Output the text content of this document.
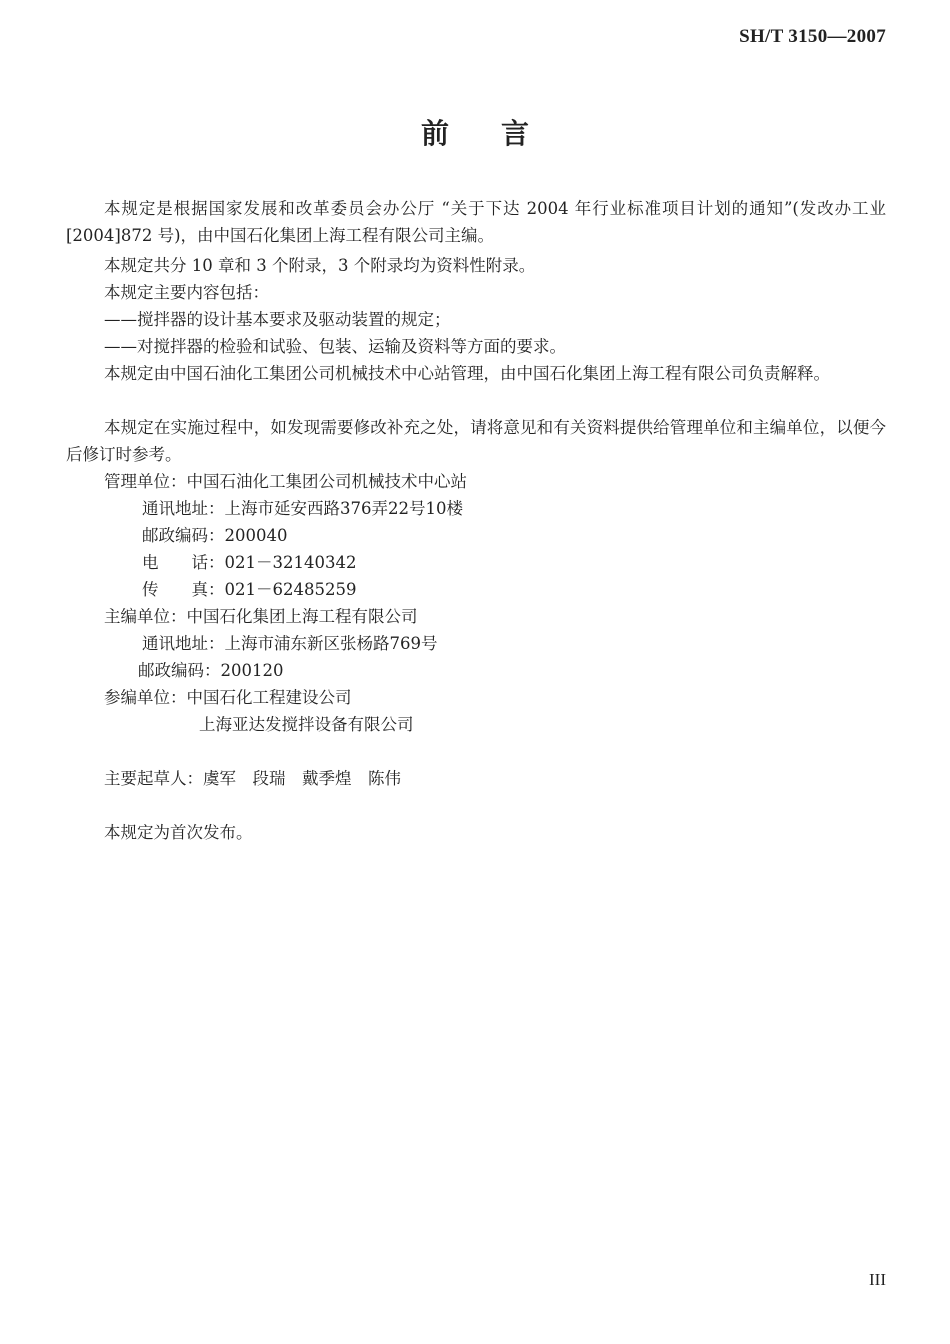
SH/T 3150—2007
前言

本规定是根据国家发展和改革委员会办公厅 “关于下达 2004 年行业标准项目计划的通知”(发改办工业[2004]872 号)，由中国石化集团上海工程有限公司主编。

本规定共分 10 章和 3 个附录，3 个附录均为资料性附录。

本规定主要内容包括：

——搅拌器的设计基本要求及驱动装置的规定；

——对搅拌器的检验和试验、包装、运输及资料等方面的要求。

本规定由中国石油化工集团公司机械技术中心站管理，由中国石化集团上海工程有限公司负责解释。

本规定在实施过程中，如发现需要修改补充之处，请将意见和有关资料提供给管理单位和主编单位，以便今后修订时参考。

管理单位：中国石油化工集团公司机械技术中心站
通讯地址：上海市延安西路376弄22号10楼
邮政编码：200040
电　　话：021－32140342
传　　真：021－62485259
主编单位：中国石化集团上海工程有限公司
通讯地址：上海市浦东新区张杨路769号
邮政编码：200120
参编单位：中国石化工程建设公司
上海亚达发搅拌设备有限公司
主要起草人：虞军　段瑞　戴季煌　陈伟
本规定为首次发布。
III
